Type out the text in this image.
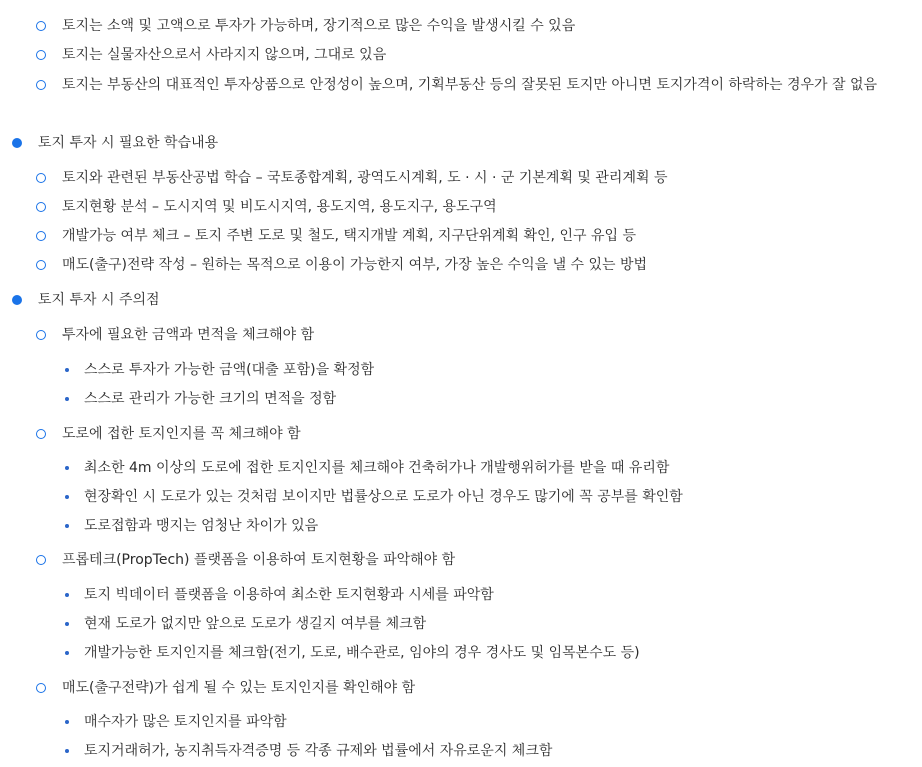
토지는 소액 및 고액으로 투자가 가능하며, 장기적으로 많은 수익을 발생시킬 수 있음
토지는 실물자산으로서 사라지지 않으며, 그대로 있음
토지는 부동산의 대표적인 투자상품으로 안정성이 높으며, 기획부동산 등의 잘못된 토지만 아니면 토지가격이 하락하는 경우가 잘 없음
토지 투자 시 필요한 학습내용
토지와 관련된 부동산공법 학습 – 국토종합계획, 광역도시계획, 도 · 시 · 군 기본계획 및 관리계획 등
토지현황 분석 – 도시지역 및 비도시지역, 용도지역, 용도지구, 용도구역
개발가능 여부 체크 – 토지 주변 도로 및 철도, 택지개발 계획, 지구단위계획 확인, 인구 유입 등
매도(출구)전략 작성 – 원하는 목적으로 이용이 가능한지 여부, 가장 높은 수익을 낼 수 있는 방법
토지 투자 시 주의점
투자에 필요한 금액과 면적을 체크해야 함
스스로 투자가 가능한 금액(대출 포함)을 확정함
스스로 관리가 가능한 크기의 면적을 정함
도로에 접한 토지인지를 꼭 체크해야 함
최소한 4m 이상의 도로에 접한 토지인지를 체크해야 건축허가나 개발행위허가를 받을 때 유리함
현장확인 시 도로가 있는 것처럼 보이지만 법률상으로 도로가 아닌 경우도 많기에 꼭 공부를 확인함
도로접함과 맹지는 엄청난 차이가 있음
프롭테크(PropTech) 플랫폼을 이용하여 토지현황을 파악해야 함
토지 빅데이터 플랫폼을 이용하여 최소한 토지현황과 시세를 파악함
현재 도로가 없지만 앞으로 도로가 생길지 여부를 체크함
개발가능한 토지인지를 체크함(전기, 도로, 배수관로, 임야의 경우 경사도 및 임목본수도 등)
매도(출구전략)가 쉽게 될 수 있는 토지인지를 확인해야 함
매수자가 많은 토지인지를 파악함
토지거래허가, 농지취득자격증명 등 각종 규제와 법률에서 자유로운지 체크함
